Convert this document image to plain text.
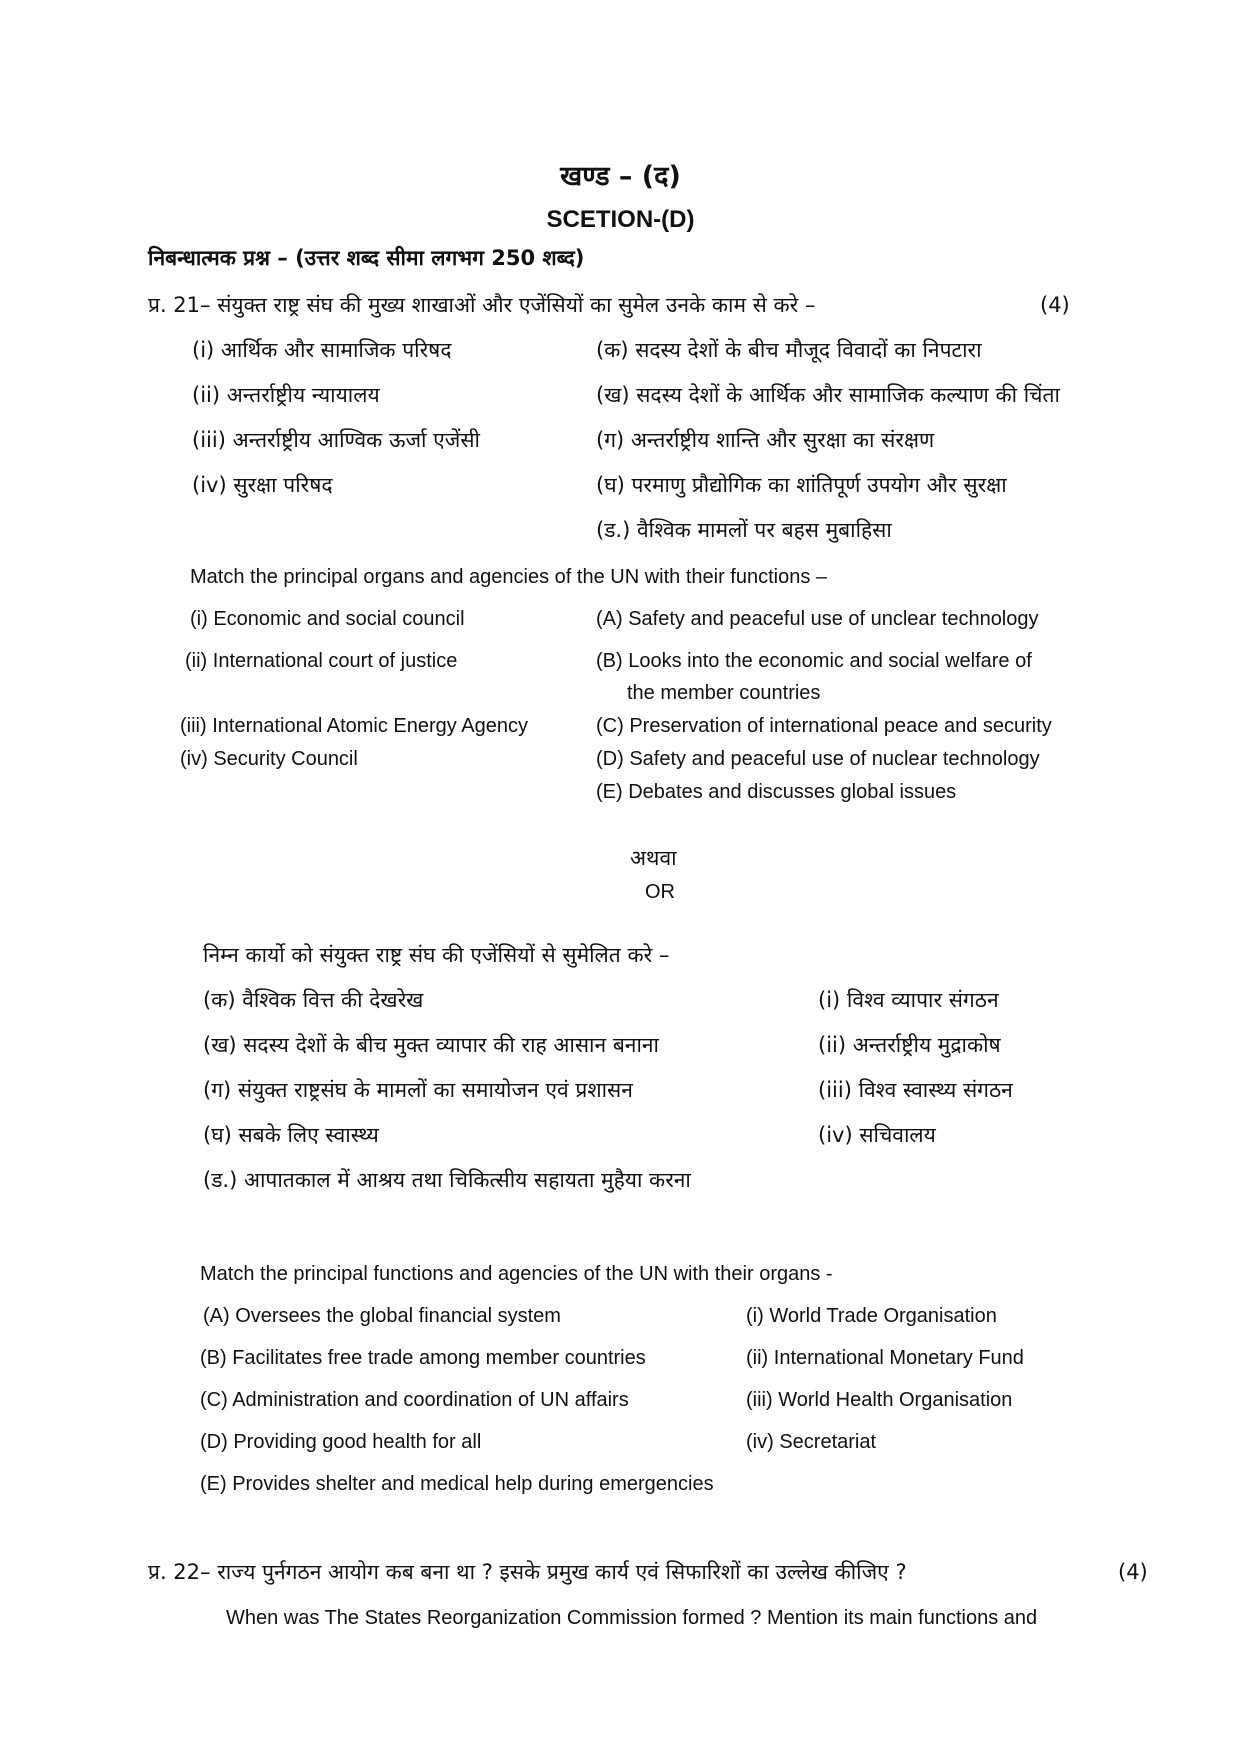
खण्ड – (द)
SCETION-(D)
निबन्धात्मक प्रश्न – (उत्तर शब्द सीमा लगभग 250 शब्द)
प्र. 21– संयुक्त राष्ट्र संघ की मुख्य शाखाओं और एजेंसियों का सुमेल उनके काम से करे –	(4)
(i) आर्थिक और सामाजिक परिषद
(ii) अन्तर्राष्ट्रीय न्यायालय
(iii) अन्तर्राष्ट्रीय आण्विक ऊर्जा एजेंसी
(iv) सुरक्षा परिषद
(क) सदस्य देशों के बीच मौजूद विवादों का निपटारा
(ख) सदस्य देशों के आर्थिक और सामाजिक कल्याण की चिंता
(ग) अन्तर्राष्ट्रीय शान्ति और सुरक्षा का संरक्षण
(घ) परमाणु प्रौद्योगिक का शांतिपूर्ण उपयोग और सुरक्षा
(ड.) वैश्विक मामलों पर बहस मुबाहिसा
Match the principal organs and agencies of the UN with their functions –
(i) Economic and social council
(ii) International court of justice
(iii) International Atomic Energy Agency
(iv) Security Council
(A) Safety and peaceful use of unclear technology
(B) Looks into the economic and social welfare of
the member countries
(C) Preservation of international peace and security
(D) Safety and peaceful use of nuclear technology
(E) Debates and discusses global issues
अथवा
OR
निम्न कार्यो को संयुक्त राष्ट्र संघ की एजेंसियों से सुमेलित करे –
(क) वैश्विक वित्त की देखरेख
(ख) सदस्य देशों के बीच मुक्त व्यापार की राह आसान बनाना
(ग) संयुक्त राष्ट्रसंघ के मामलों का समायोजन एवं प्रशासन
(घ) सबके लिए स्वास्थ्य
(ड.) आपातकाल में आश्रय तथा चिकित्सीय सहायता मुहैया करना
(i) विश्व व्यापार संगठन
(ii) अन्तर्राष्ट्रीय मुद्राकोष
(iii) विश्व स्वास्थ्य संगठन
(iv) सचिवालय
Match the principal functions and agencies of the UN with their organs -
(A) Oversees the global financial system
(B) Facilitates free trade among member countries
(C) Administration and coordination of UN affairs
(D) Providing good health for all
(E) Provides shelter and medical help during emergencies
(i) World Trade Organisation
(ii) International Monetary Fund
(iii) World Health Organisation
(iv) Secretariat
प्र. 22– राज्य पुर्नगठन आयोग कब बना था ? इसके प्रमुख कार्य एवं सिफारिशों का उल्लेख कीजिए ?	(4)
When was The States Reorganization Commission formed ? Mention its main functions and
